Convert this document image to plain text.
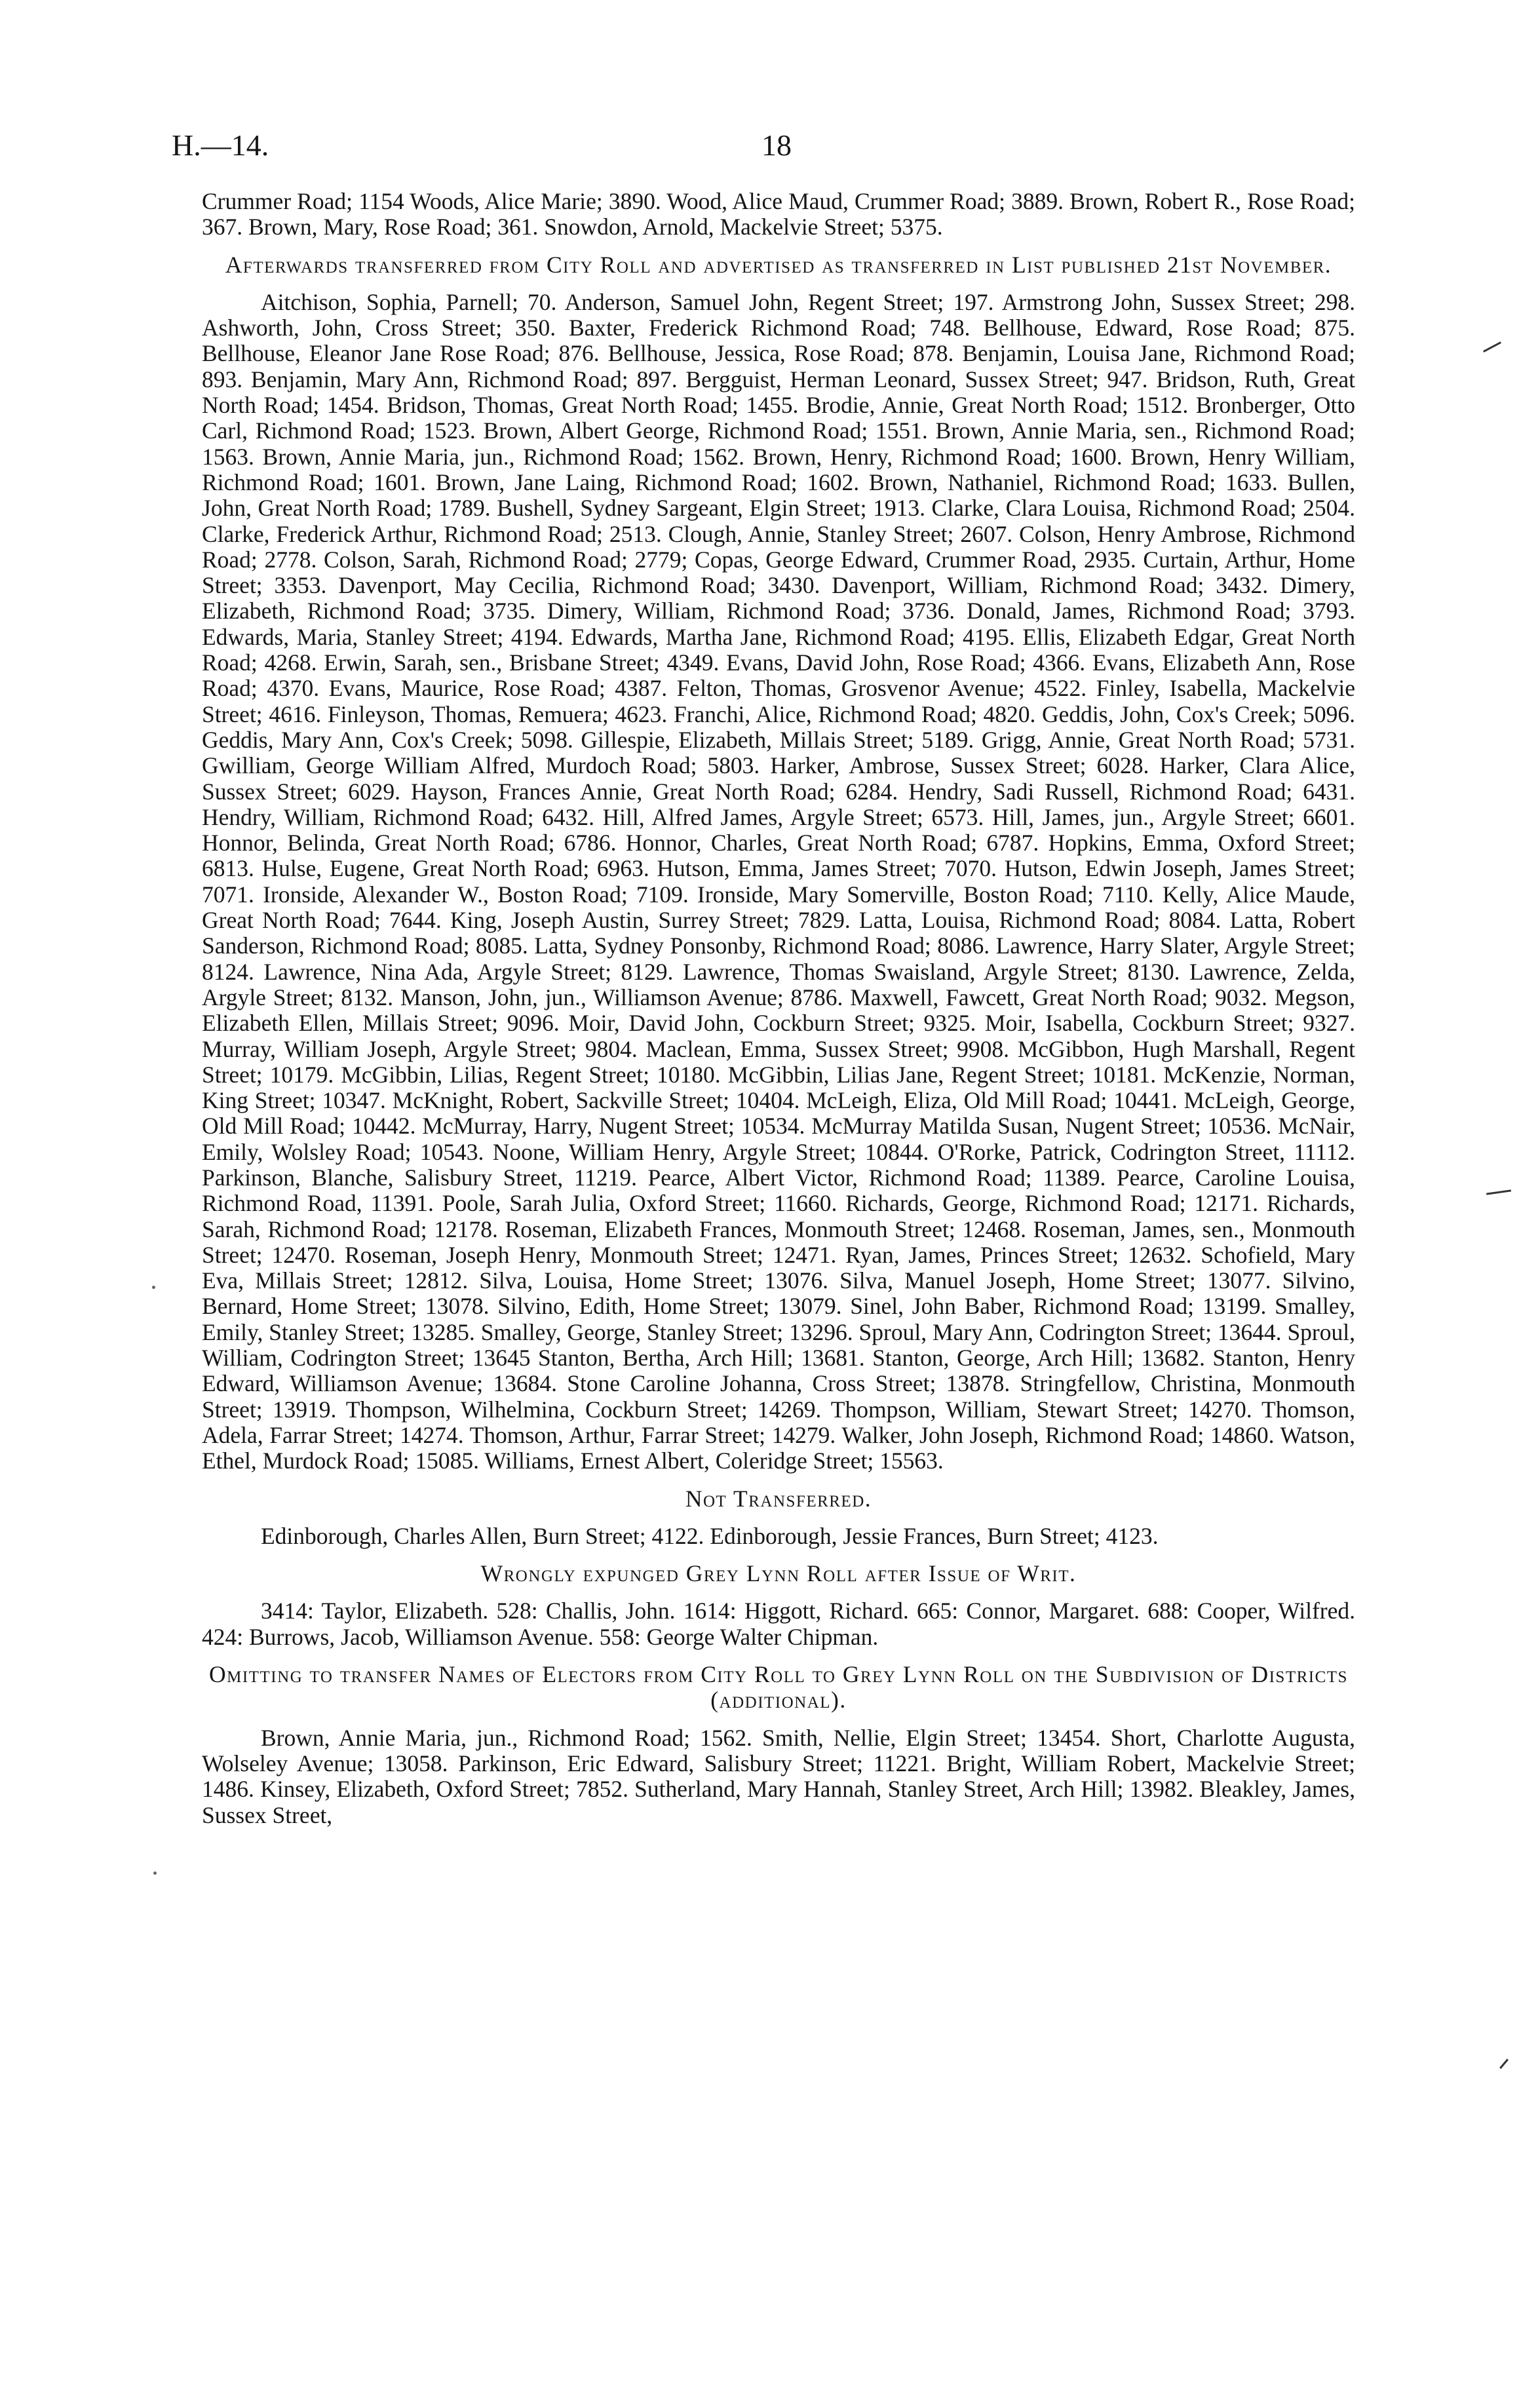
H.—14.	18

Crummer Road; 1154 Woods, Alice Marie; 3890. Wood, Alice Maud, Crummer Road; 3889. Brown, Robert R., Rose Road; 367. Brown, Mary, Rose Road; 361. Snowdon, Arnold, Mackelvie Street; 5375.

Afterwards transferred from City Roll and advertised as transferred in List published 21st November.

Aitchison, Sophia, Parnell; 70. Anderson, Samuel John, Regent Street; 197. Armstrong John, Sussex Street; 298. Ashworth, John, Cross Street; 350. Baxter, Frederick Richmond Road; 748. Bellhouse, Edward, Rose Road; 875. Bellhouse, Eleanor Jane Rose Road; 876. Bellhouse, Jessica, Rose Road; 878. Benjamin, Louisa Jane, Richmond Road; 893. Benjamin, Mary Ann, Richmond Road; 897. Bergguist, Herman Leonard, Sussex Street; 947. Bridson, Ruth, Great North Road; 1454. Bridson, Thomas, Great North Road; 1455. Brodie, Annie, Great North Road; 1512. Bronberger, Otto Carl, Richmond Road; 1523. Brown, Albert George, Richmond Road; 1551. Brown, Annie Maria, sen., Richmond Road; 1563. Brown, Annie Maria, jun., Richmond Road; 1562. Brown, Henry, Richmond Road; 1600. Brown, Henry William, Richmond Road; 1601. Brown, Jane Laing, Richmond Road; 1602. Brown, Nathaniel, Richmond Road; 1633. Bullen, John, Great North Road; 1789. Bushell, Sydney Sargeant, Elgin Street; 1913. Clarke, Clara Louisa, Richmond Road; 2504. Clarke, Frederick Arthur, Richmond Road; 2513. Clough, Annie, Stanley Street; 2607. Colson, Henry Ambrose, Richmond Road; 2778. Colson, Sarah, Richmond Road; 2779; Copas, George Edward, Crummer Road, 2935. Curtain, Arthur, Home Street; 3353. Davenport, May Cecilia, Richmond Road; 3430. Davenport, William, Richmond Road; 3432. Dimery, Elizabeth, Richmond Road; 3735. Dimery, William, Richmond Road; 3736. Donald, James, Richmond Road; 3793. Edwards, Maria, Stanley Street; 4194. Edwards, Martha Jane, Richmond Road; 4195. Ellis, Elizabeth Edgar, Great North Road; 4268. Erwin, Sarah, sen., Brisbane Street; 4349. Evans, David John, Rose Road; 4366. Evans, Elizabeth Ann, Rose Road; 4370. Evans, Maurice, Rose Road; 4387. Felton, Thomas, Grosvenor Avenue; 4522. Finley, Isabella, Mackelvie Street; 4616. Finleyson, Thomas, Remuera; 4623. Franchi, Alice, Richmond Road; 4820. Geddis, John, Cox's Creek; 5096. Geddis, Mary Ann, Cox's Creek; 5098. Gillespie, Elizabeth, Millais Street; 5189. Grigg, Annie, Great North Road; 5731. Gwilliam, George William Alfred, Murdoch Road; 5803. Harker, Ambrose, Sussex Street; 6028. Harker, Clara Alice, Sussex Street; 6029. Hayson, Frances Annie, Great North Road; 6284. Hendry, Sadi Russell, Richmond Road; 6431. Hendry, William, Richmond Road; 6432. Hill, Alfred James, Argyle Street; 6573. Hill, James, jun., Argyle Street; 6601. Honnor, Belinda, Great North Road; 6786. Honnor, Charles, Great North Road; 6787. Hopkins, Emma, Oxford Street; 6813. Hulse, Eugene, Great North Road; 6963. Hutson, Emma, James Street; 7070. Hutson, Edwin Joseph, James Street; 7071. Ironside, Alexander W., Boston Road; 7109. Ironside, Mary Somerville, Boston Road; 7110. Kelly, Alice Maude, Great North Road; 7644. King, Joseph Austin, Surrey Street; 7829. Latta, Louisa, Richmond Road; 8084. Latta, Robert Sanderson, Richmond Road; 8085. Latta, Sydney Ponsonby, Richmond Road; 8086. Lawrence, Harry Slater, Argyle Street; 8124. Lawrence, Nina Ada, Argyle Street; 8129. Lawrence, Thomas Swaisland, Argyle Street; 8130. Lawrence, Zelda, Argyle Street; 8132. Manson, John, jun., Williamson Avenue; 8786. Maxwell, Fawcett, Great North Road; 9032. Megson, Elizabeth Ellen, Millais Street; 9096. Moir, David John, Cockburn Street; 9325. Moir, Isabella, Cockburn Street; 9327. Murray, William Joseph, Argyle Street; 9804. Maclean, Emma, Sussex Street; 9908. McGibbon, Hugh Marshall, Regent Street; 10179. McGibbin, Lilias, Regent Street; 10180. McGibbin, Lilias Jane, Regent Street; 10181. McKenzie, Norman, King Street; 10347. McKnight, Robert, Sackville Street; 10404. McLeigh, Eliza, Old Mill Road; 10441. McLeigh, George, Old Mill Road; 10442. McMurray, Harry, Nugent Street; 10534. McMurray Matilda Susan, Nugent Street; 10536. McNair, Emily, Wolsley Road; 10543. Noone, William Henry, Argyle Street; 10844. O'Rorke, Patrick, Codrington Street, 11112. Parkinson, Blanche, Salisbury Street, 11219. Pearce, Albert Victor, Richmond Road; 11389. Pearce, Caroline Louisa, Richmond Road, 11391. Poole, Sarah Julia, Oxford Street; 11660. Richards, George, Richmond Road; 12171. Richards, Sarah, Richmond Road; 12178. Roseman, Elizabeth Frances, Monmouth Street; 12468. Roseman, James, sen., Monmouth Street; 12470. Roseman, Joseph Henry, Monmouth Street; 12471. Ryan, James, Princes Street; 12632. Schofield, Mary Eva, Millais Street; 12812. Silva, Louisa, Home Street; 13076. Silva, Manuel Joseph, Home Street; 13077. Silvino, Bernard, Home Street; 13078. Silvino, Edith, Home Street; 13079. Sinel, John Baber, Richmond Road; 13199. Smalley, Emily, Stanley Street; 13285. Smalley, George, Stanley Street; 13296. Sproul, Mary Ann, Codrington Street; 13644. Sproul, William, Codrington Street; 13645 Stanton, Bertha, Arch Hill; 13681. Stanton, George, Arch Hill; 13682. Stanton, Henry Edward, Williamson Avenue; 13684. Stone Caroline Johanna, Cross Street; 13878. Stringfellow, Christina, Monmouth Street; 13919. Thompson, Wilhelmina, Cockburn Street; 14269. Thompson, William, Stewart Street; 14270. Thomson, Adela, Farrar Street; 14274. Thomson, Arthur, Farrar Street; 14279. Walker, John Joseph, Richmond Road; 14860. Watson, Ethel, Murdock Road; 15085. Williams, Ernest Albert, Coleridge Street; 15563.

Not Transferred.

Edinborough, Charles Allen, Burn Street; 4122. Edinborough, Jessie Frances, Burn Street; 4123.

Wrongly expunged Grey Lynn Roll after Issue of Writ.

3414: Taylor, Elizabeth. 528: Challis, John. 1614: Higgott, Richard. 665: Connor, Margaret. 688: Cooper, Wilfred. 424: Burrows, Jacob, Williamson Avenue. 558: George Walter Chipman.

Omitting to transfer Names of Electors from City Roll to Grey Lynn Roll on the Subdivision of Districts (additional).

Brown, Annie Maria, jun., Richmond Road; 1562. Smith, Nellie, Elgin Street; 13454. Short, Charlotte Augusta, Wolseley Avenue; 13058. Parkinson, Eric Edward, Salisbury Street; 11221. Bright, William Robert, Mackelvie Street; 1486. Kinsey, Elizabeth, Oxford Street; 7852. Sutherland, Mary Hannah, Stanley Street, Arch Hill; 13982. Bleakley, James, Sussex Street,
